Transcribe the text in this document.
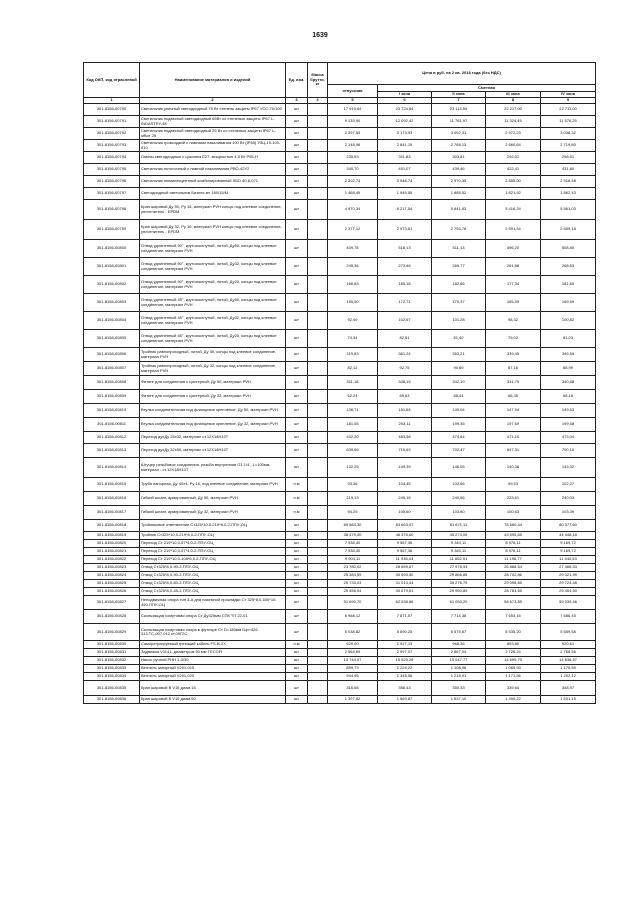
1639
Код ОКП, код отраслевой	Наименование материалов и изделий	Ед. изм.	Масса брутто, кг	Цена в руб. на 2 кв. 2018 года (без НДС)				
				отпускная	Сметная			
					I зона	II зона	III зона	IV зона
1	2	3	4	5	6	7	8	9
301-8156-00790	Светильник уличный светодиодный 75 Вт степень защиты IP67 УСС-70/100	шт		17 919,64	23 724,64	23 114,59	22 217,00	22 711,00
301-8156-00791	Светильник подвесной светодиодный 65Вт со степенью защиты IP67 L-INDASTRY-48	шт		9 133,90	12 092,42	11 781,97	11 324,45	11 576,25
301-8156-00792	Светильник подвесной светодиодный 25 Вт со степенью защиты IP67 L-office 25	шт		2 397,53	3 173,93	3 092,31	2 972,23	3 038,32
301-8156-00793	Светильник громоздкий с лампами накаливания 100 Вт (IP65) УЗЦ-19-100-010	шт		2 148,98	2 841,19	2 768,13	2 660,64	2 719,80
301-8156-00794	Лампы светодиодные с цоколем Е27, мощностью 4,5 Вт P55-H	шт		235,53	311,83	303,81	292,01	298,51
301-8156-00795	Светильник потолочный с лампой накаливания РВО-42У2	шт		340,70	451,07	439,46	422,41	431,80
301-8156-00796	Светильник люминесцентный комбинированный ЛБО 40-6-071	шт		2 302,74	3 048,74	2 970,35	2 855,00	2 918,48
301-8156-00797	Светодиодный светильник Бизнес-вл 160/15/М	шт		1 468,49	1 945,55	1 885,52	1 821,92	1 862,43
301-8156-00798	Кран шаровой Ду 50, Ру 16, материал PVH концы под клеевое соединение, уплотнитель - EPDM	шт		4 970,34	6 217,54	5 841,53	5 416,24	5 561,03
301-8156-00799	Кран шаровой Ду 32, Ру 16, материал PVH концы под клеевое соединение, уплотнитель - EPDM	шт		2 377,12	2 973,61	2 793,76	2 591,34	2 659,18
301-8156-00800	Отвод удлиненный 90°, крутоизогнутый, литой, Ду50, концы под клеевое соединение, материал PVH	шт		409,78	518,13	511,13	496,20	508,80
301-8156-00801	Отвод удлиненный 90°, крутоизогнутый, литой, Ду32, концы под клеевое соединение, материал PVH	шт		245,36	273,46	269,77	261,88	268,53
301-8156-00802	Отвод удлиненный 90°, крутоизогнутый, литой, Ду20, концы под клеевое соединение, материал PVH	шт		166,83	185,18	182,66	177,34	181,85
301-8156-00803	Отвод удлиненный 45°, крутоизогнутый, литой, Ду50, концы под клеевое соединение, материал PVH	шт		155,50	172,71	170,37	165,39	169,59
301-8156-00804	Отвод удлиненный 45°, крутоизогнутый, литой, Ду32, концы под клеевое соединение, материал PVH	шт		92,49	102,67	101,28	98,32	100,82
301-8156-00805	Отвод удлиненный 45°, крутоизогнутый, литой, Ду20, концы под клеевое соединение, материал PVH	шт		74,34	82,51	81,40	79,02	81,03
301-8156-00806	Тройник равнопроходный, литой, Ду 50, концы под клеевое соединение, материал PVH	шт		319,83	361,24	353,21	339,45	346,59
301-8156-00807	Тройник равнопроходный, литой, Ду 32, концы под клеевое соединение, материал PVH	шт		82,12	92,75	90,69	87,16	88,99
301-8156-00808	Фитинг для соединения с цистерной, Ду 50, материал PVH	шт		311,18	348,15	342,19	331,75	340,88
301-8156-00809	Фитинг для соединения с цистерной, Ду 32, материал PVH	шт		62,24	69,63	68,44	66,35	68,18
301-8156-00810	Втулка соединительная под фланцевое крепление, Ду 50, материал PVH	шт		136,71	151,64	149,04	147,94	149,53
301-8156-00811	Втулка соединительная под фланцевое крепление, Ду 32, материал PVH	шт		181,55	203,11	199,35	197,69	199,58
301-8156-00812	Переход дуxДу 25x32, материал ст.12X18H10T	шт		432,20	483,58	474,64	471,15	473,04
301-8156-00813	Переход дуxДу 32x50, материал ст.12X18H10T	шт		639,66	715,69	702,47	697,31	700,10
301-8156-00814	Штуцер резьбовое соединения, резьба внутренняя G1 1/4 , L=100мм, материал - ст.12X18H10T	шт		132,25	149,39	146,05	140,36	143,32
301-8156-00815	Труба напорная, Ду 40x4, Ру 16, под клеевое соединение, материал PVH	п.м		93,36	104,45	102,66	99,53	102,27
301-8156-00816	Гибкий шланг, армированный, Ду 50, материал PVH	п.м		219,13	245,16	240,96	233,61	240,03
301-8156-00817	Гибкий шланг, армированный, Ду 32, материал PVH	п.м		94,29	105,60	103,80	100,63	103,39
301-8156-00818	Тройниковое ответвление Ст325*10,0-219*8,0-2-ППУ-ОЦ	шт		69 584,30	83 663,07	81 671,11	78 680,44	80 377,60
301-8156-00819	Тройник Ст325*10,0-219*8,0-2-ППУ-ОЦ	шт		38 479,00	46 375,60	45 274,09	43 595,65	44 448,18
301-8156-00820	Переход Ст 219*10,0-57*4,0-2-ППУ-ОЦ	шт		7 938,40	9 567,36	9 340,11	8 978,11	9 169,72
301-8156-00821	Переход Ст 219*10,0-57*4,0-2-ППУ-ОЦ	шт		7 938,40	9 567,36	9 340,11	8 978,11	9 169,72
301-8156-00822	Переход Ст 219*10,0-108*6,0-2-ППУ-ОЦ	шт		9 904,11	11 936,43	11 652,91	11 198,77	11 440,53
301-8156-00823	Отвод Ст325*8,0-90-2-ППУ-ОЦ	шт		23 780,02	28 659,67	27 978,93	26 888,54	27 468,53
301-8156-00824	Отвод Ст325*8,0-90-2-ППУ-ОЦ	шт		25 384,59	30 593,50	29 866,85	28 702,86	29 321,99
301-8156-00825	Отвод Ст325*8,0-60-2-ППУ-ОЦ	шт		25 733,03	31 013,44	30 276,79	29 098,85	29 724,48
301-8156-00826	Отвод Ст325*8,0-45-2-ППУ-ОЦ	шт		25 456,04	30 679,61	29 950,89	28 783,65	29 404,50
301-8156-00827	Неподвижная опора тип 3-А для наземной прокладки Ст 325*8,0-530*10-450-ППУ-ОЦ	шт		51 690,70	62 538,86	61 053,20	58 673,85	59 939,46
301-8156-00828	Скользящая хомутовая опора Ст Ду325мм СПК ТП 22-01	шт		6 968,12	7 871,57	7 714,38	7 653,16	7 686,45
301-8156-00829	Скользящая хомутовая опора в футляре Ст D=180мм Dф=426 313.ТС-007.012 ст.09Г2С	шт		5 038,82	5 690,25	5 579,57	5 535,20	5 559,58
301-8156-00830	Саморегулируемый греющий кабель FS-B-2X	п.м		620,00	1 027,13	968,36	893,80	920,61
301-8156-00831	Задвижка V1141, диаметром 50 мм TECOFI	шт		2 564,69	2 997,07	2 867,04	2 726,24	2 768,56
301-8156-00832	Насос ручной РНН 1-3/30	шт		13 744,07	15 525,26	15 047,77	14 699,75	14 836,57
301-8156-00833	Вентиль запорный V201-015	шт		859,73	1 224,22	1 108,96	1 065,93	1 175,59
301-8156-00834	Вентиль запорный V201-020	шт		944,95	1 345,58	1 218,91	1 171,56	1 292,12
301-8156-00835	Кран шаровой В V16 диам.15	шт		316,58	356,43	350,33	339,64	348,97
301-8156-00836	Кран шаровой В V16 диам.50	шт		1 397,82	1 563,87	1 537,10	1 490,22	1 531,15
